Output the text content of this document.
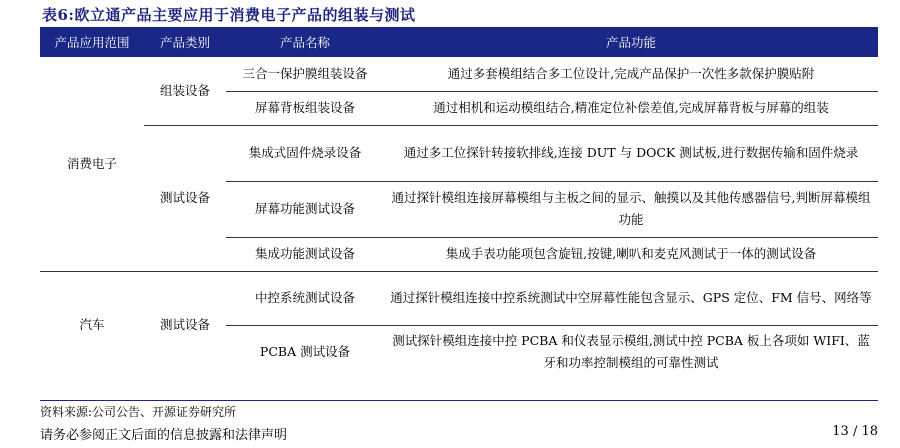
表6:欧立通产品主要应用于消费电子产品的组装与测试
产品应用范围	产品类别	产品名称	产品功能
消费电子	组装设备	三合一保护膜组装设备	通过多套模组结合多工位设计,完成产品保护一次性多款保护膜贴附
		屏幕背板组装设备	通过相机和运动模组结合,精准定位补偿差值,完成屏幕背板与屏幕的组装
	测试设备	集成式固件烧录设备	通过多工位探针转接软排线,连接 DUT 与 DOCK 测试板,进行数据传输和固件烧录
		屏幕功能测试设备	通过探针模组连接屏幕模组与主板之间的显示、触摸以及其他传感器信号,判断屏幕模组功能
		集成功能测试设备	集成手表功能项包含旋钮,按键,喇叭和麦克风测试于一体的测试设备
汽车	测试设备	中控系统测试设备	通过探针模组连接中控系统测试中空屏幕性能包含显示、GPS 定位、FM 信号、网络等
		PCBA 测试设备	测试探针模组连接中控 PCBA 和仪表显示模组,测试中控 PCBA 板上各项如 WIFI、蓝牙和功率控制模组的可靠性测试
资料来源:公司公告、开源证券研究所
请务必参阅正文后面的信息披露和法律声明	13 / 18
